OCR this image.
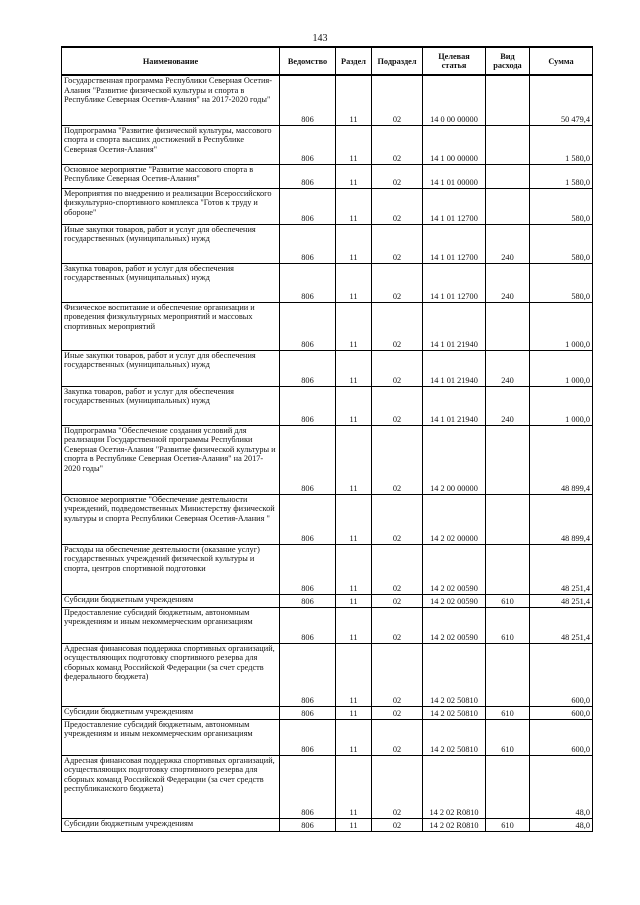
143
Наименование	Ведомство	Раздел	Подраздел	Целевая статья	Вид расхода	Сумма
Государственная программа Республики Северная Осетия-Алания "Развитие физической культуры и спорта в Республике Северная Осетия-Алания" на 2017-2020 годы"	806	11	02	14 0 00 00000		50 479,4
Подпрограмма "Развитие физической культуры, массового спорта и спорта высших достижений в Республике Северная Осетия-Алания"	806	11	02	14 1 00 00000		1 580,0
Основное мероприятие "Развитие массового спорта в Республике Северная Осетия-Алания"	806	11	02	14 1 01 00000		1 580,0
Мероприятия по внедрению и реализации Всероссийского физкультурно-спортивного комплекса "Готов к труду и обороне"	806	11	02	14 1 01 12700		580,0
Иные закупки товаров, работ и услуг для обеспечения государственных (муниципальных) нужд	806	11	02	14 1 01 12700	240	580,0
Закупка товаров, работ и услуг для обеспечения государственных (муниципальных) нужд	806	11	02	14 1 01 12700	240	580,0
Физическое воспитание и обеспечение организации и проведения физкультурных мероприятий и массовых спортивных мероприятий	806	11	02	14 1 01 21940		1 000,0
Иные закупки товаров, работ и услуг для обеспечения государственных (муниципальных) нужд	806	11	02	14 1 01 21940	240	1 000,0
Закупка товаров, работ и услуг для обеспечения государственных (муниципальных) нужд	806	11	02	14 1 01 21940	240	1 000,0
Подпрограмма "Обеспечение создания условий для реализации Государственной программы Республики Северная Осетия-Алания "Развитие физической культуры и спорта в Республике Северная Осетия-Алания" на 2017-2020 годы"	806	11	02	14 2 00 00000		48 899,4
Основное мероприятие "Обеспечение деятельности учреждений, подведомственных Министерству физической культуры и спорта Республики Северная Осетия-Алания "	806	11	02	14 2 02 00000		48 899,4
Расходы на обеспечение деятельности (оказание услуг) государственных учреждений физической культуры и спорта, центров спортивной подготовки	806	11	02	14 2 02 00590		48 251,4
Субсидии бюджетным учреждениям	806	11	02	14 2 02 00590	610	48 251,4
Предоставление субсидий бюджетным, автономным учреждениям и иным некоммерческим организациям	806	11	02	14 2 02 00590	610	48 251,4
Адресная финансовая поддержка спортивных организаций, осуществляющих подготовку спортивного резерва для сборных команд Российской Федерации (за счет средств федерального бюджета)	806	11	02	14 2 02 50810		600,0
Субсидии бюджетным учреждениям	806	11	02	14 2 02 50810	610	600,0
Предоставление субсидий бюджетным, автономным учреждениям и иным некоммерческим организациям	806	11	02	14 2 02 50810	610	600,0
Адресная финансовая поддержка спортивных организаций, осуществляющих подготовку спортивного резерва для сборных команд Российской Федерации (за счет средств республиканского бюджета)	806	11	02	14 2 02 R0810		48,0
Субсидии бюджетным учреждениям	806	11	02	14 2 02 R0810	610	48,0
